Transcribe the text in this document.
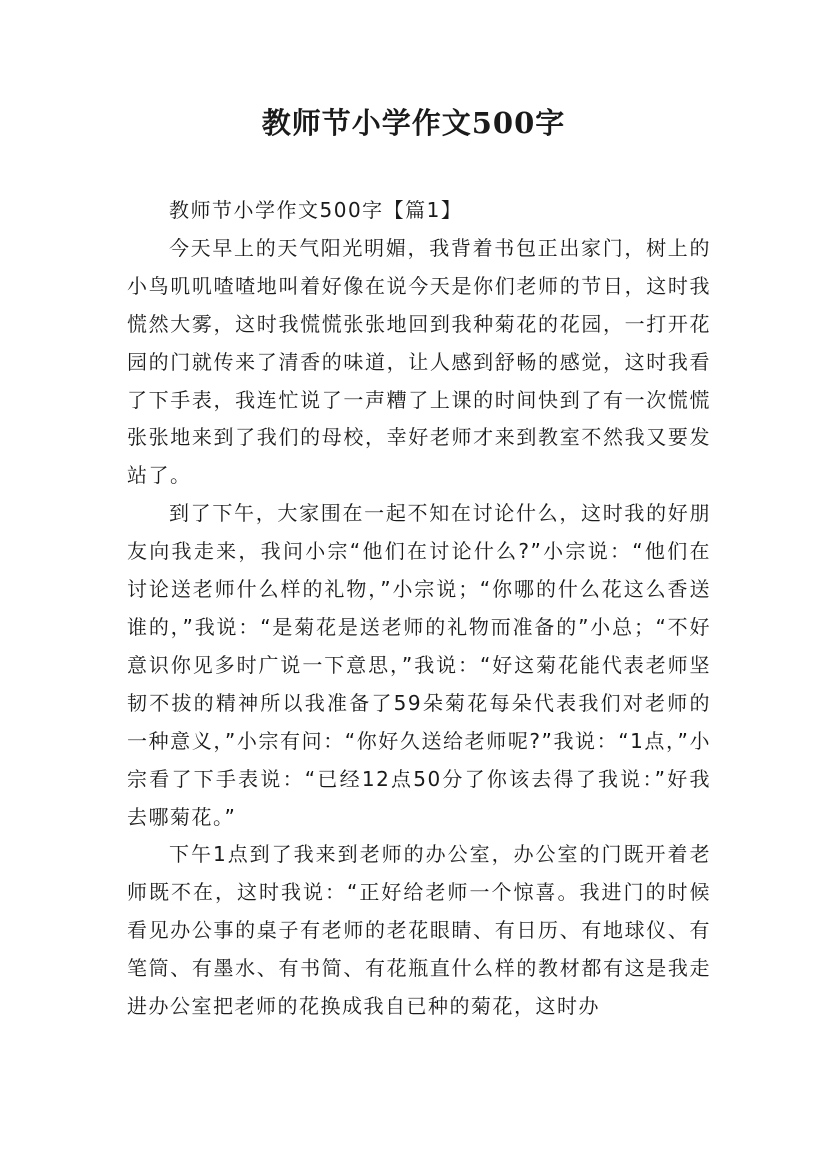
教师节小学作文500字

教师节小学作文500字【篇1】

今天早上的天气阳光明媚，我背着书包正出家门，树上的小鸟叽叽喳喳地叫着好像在说今天是你们老师的节日，这时我慌然大雾，这时我慌慌张张地回到我种菊花的花园，一打开花园的门就传来了清香的味道，让人感到舒畅的感觉，这时我看了下手表，我连忙说了一声糟了上课的时间快到了有一次慌慌张张地来到了我们的母校，幸好老师才来到教室不然我又要发站了。

到了下午，大家围在一起不知在讨论什么，这时我的好朋友向我走来，我问小宗“他们在讨论什么?”小宗说：“他们在讨论送老师什么样的礼物，”小宗说；“你哪的什么花这么香送谁的，”我说：“是菊花是送老师的礼物而准备的”小总；“不好意识你见多时广说一下意思，”我说：“好这菊花能代表老师坚韧不拔的精神所以我准备了59朵菊花每朵代表我们对老师的一种意义，”小宗有问：“你好久送给老师呢?”我说：“1点，”小宗看了下手表说：“已经12点50分了你该去得了我说：”好我去哪菊花。”

下午1点到了我来到老师的办公室，办公室的门既开着老师既不在，这时我说：“正好给老师一个惊喜。我进门的时候看见办公事的桌子有老师的老花眼睛、有日历、有地球仪、有笔筒、有墨水、有书简、有花瓶直什么样的教材都有这是我走进办公室把老师的花换成我自已种的菊花，这时办
